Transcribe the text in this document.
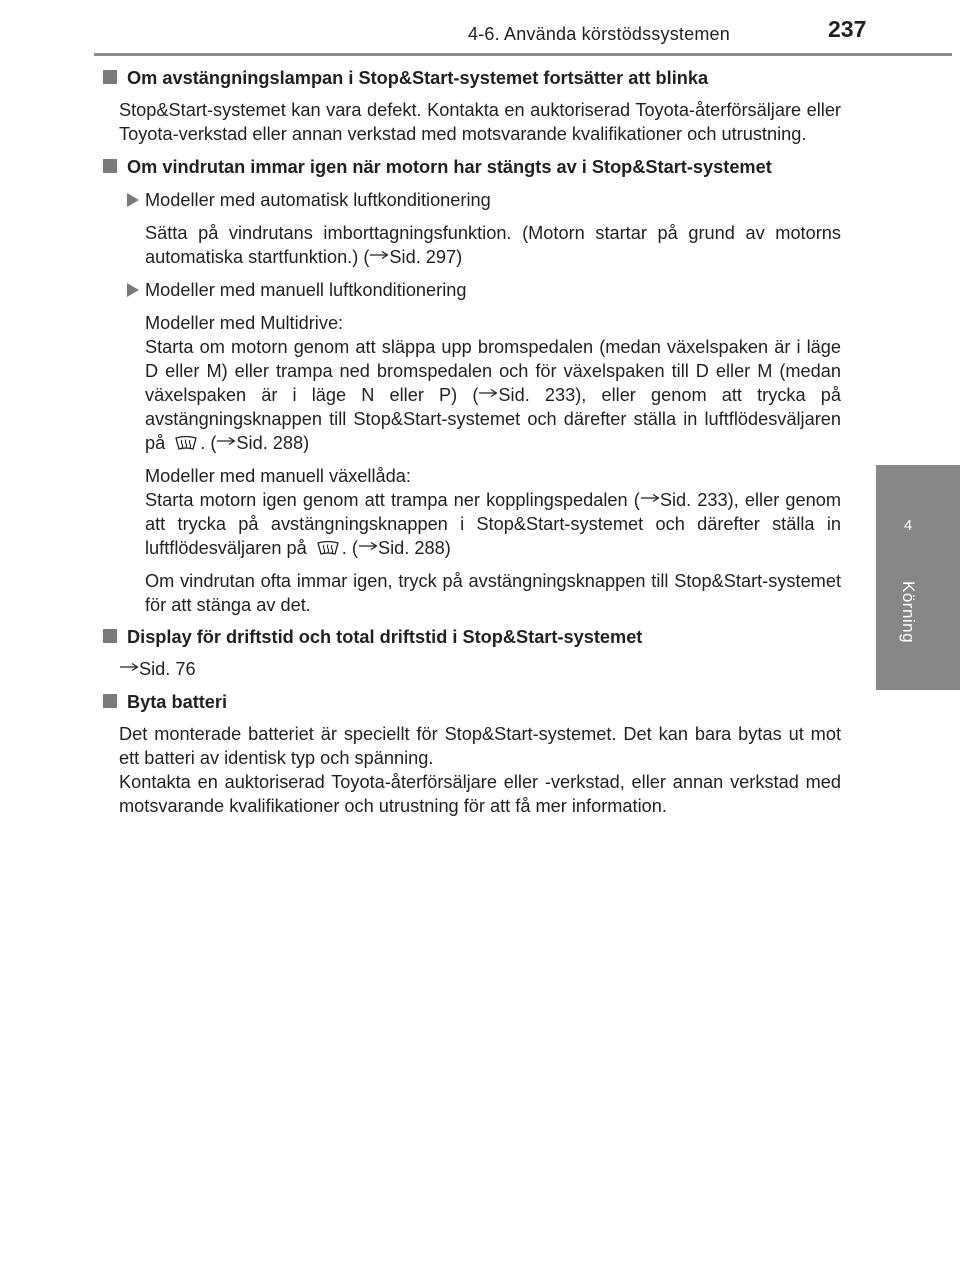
4-6. Använda körstödssystemen	237
4
Körning
Om avstängningslampan i Stop&Start-systemet fortsätter att blinka
Stop&Start-systemet kan vara defekt. Kontakta en auktoriserad Toyota-återförsäljare eller Toyota-verkstad eller annan verkstad med motsvarande kvalifikationer och utrustning.
Om vindrutan immar igen när motorn har stängts av i Stop&Start-systemet
Modeller med automatisk luftkonditionering
Sätta på vindrutans imborttagningsfunktion. (Motorn startar på grund av motorns automatiska startfunktion.) ( Sid. 297)
Modeller med manuell luftkonditionering
Modeller med Multidrive:
Starta om motorn genom att släppa upp bromspedalen (medan växelspaken är i läge D eller M) eller trampa ned bromspedalen och för växelspaken till D eller M (medan växelspaken är i läge N eller P) ( Sid. 233), eller genom att trycka på avstängningsknappen till Stop&Start-systemet och därefter ställa in luftflödesväljaren på . ( Sid. 288)
Modeller med manuell växellåda:
Starta motorn igen genom att trampa ner kopplingspedalen ( Sid. 233), eller genom att trycka på avstängningsknappen i Stop&Start-systemet och därefter ställa in luftflödesväljaren på . ( Sid. 288)
Om vindrutan ofta immar igen, tryck på avstängningsknappen till Stop&Start-systemet för att stänga av det.
Display för driftstid och total driftstid i Stop&Start-systemet
Sid. 76
Byta batteri
Det monterade batteriet är speciellt för Stop&Start-systemet. Det kan bara bytas ut mot ett batteri av identisk typ och spänning.
Kontakta en auktoriserad Toyota-återförsäljare eller -verkstad, eller annan verkstad med motsvarande kvalifikationer och utrustning för att få mer information.
